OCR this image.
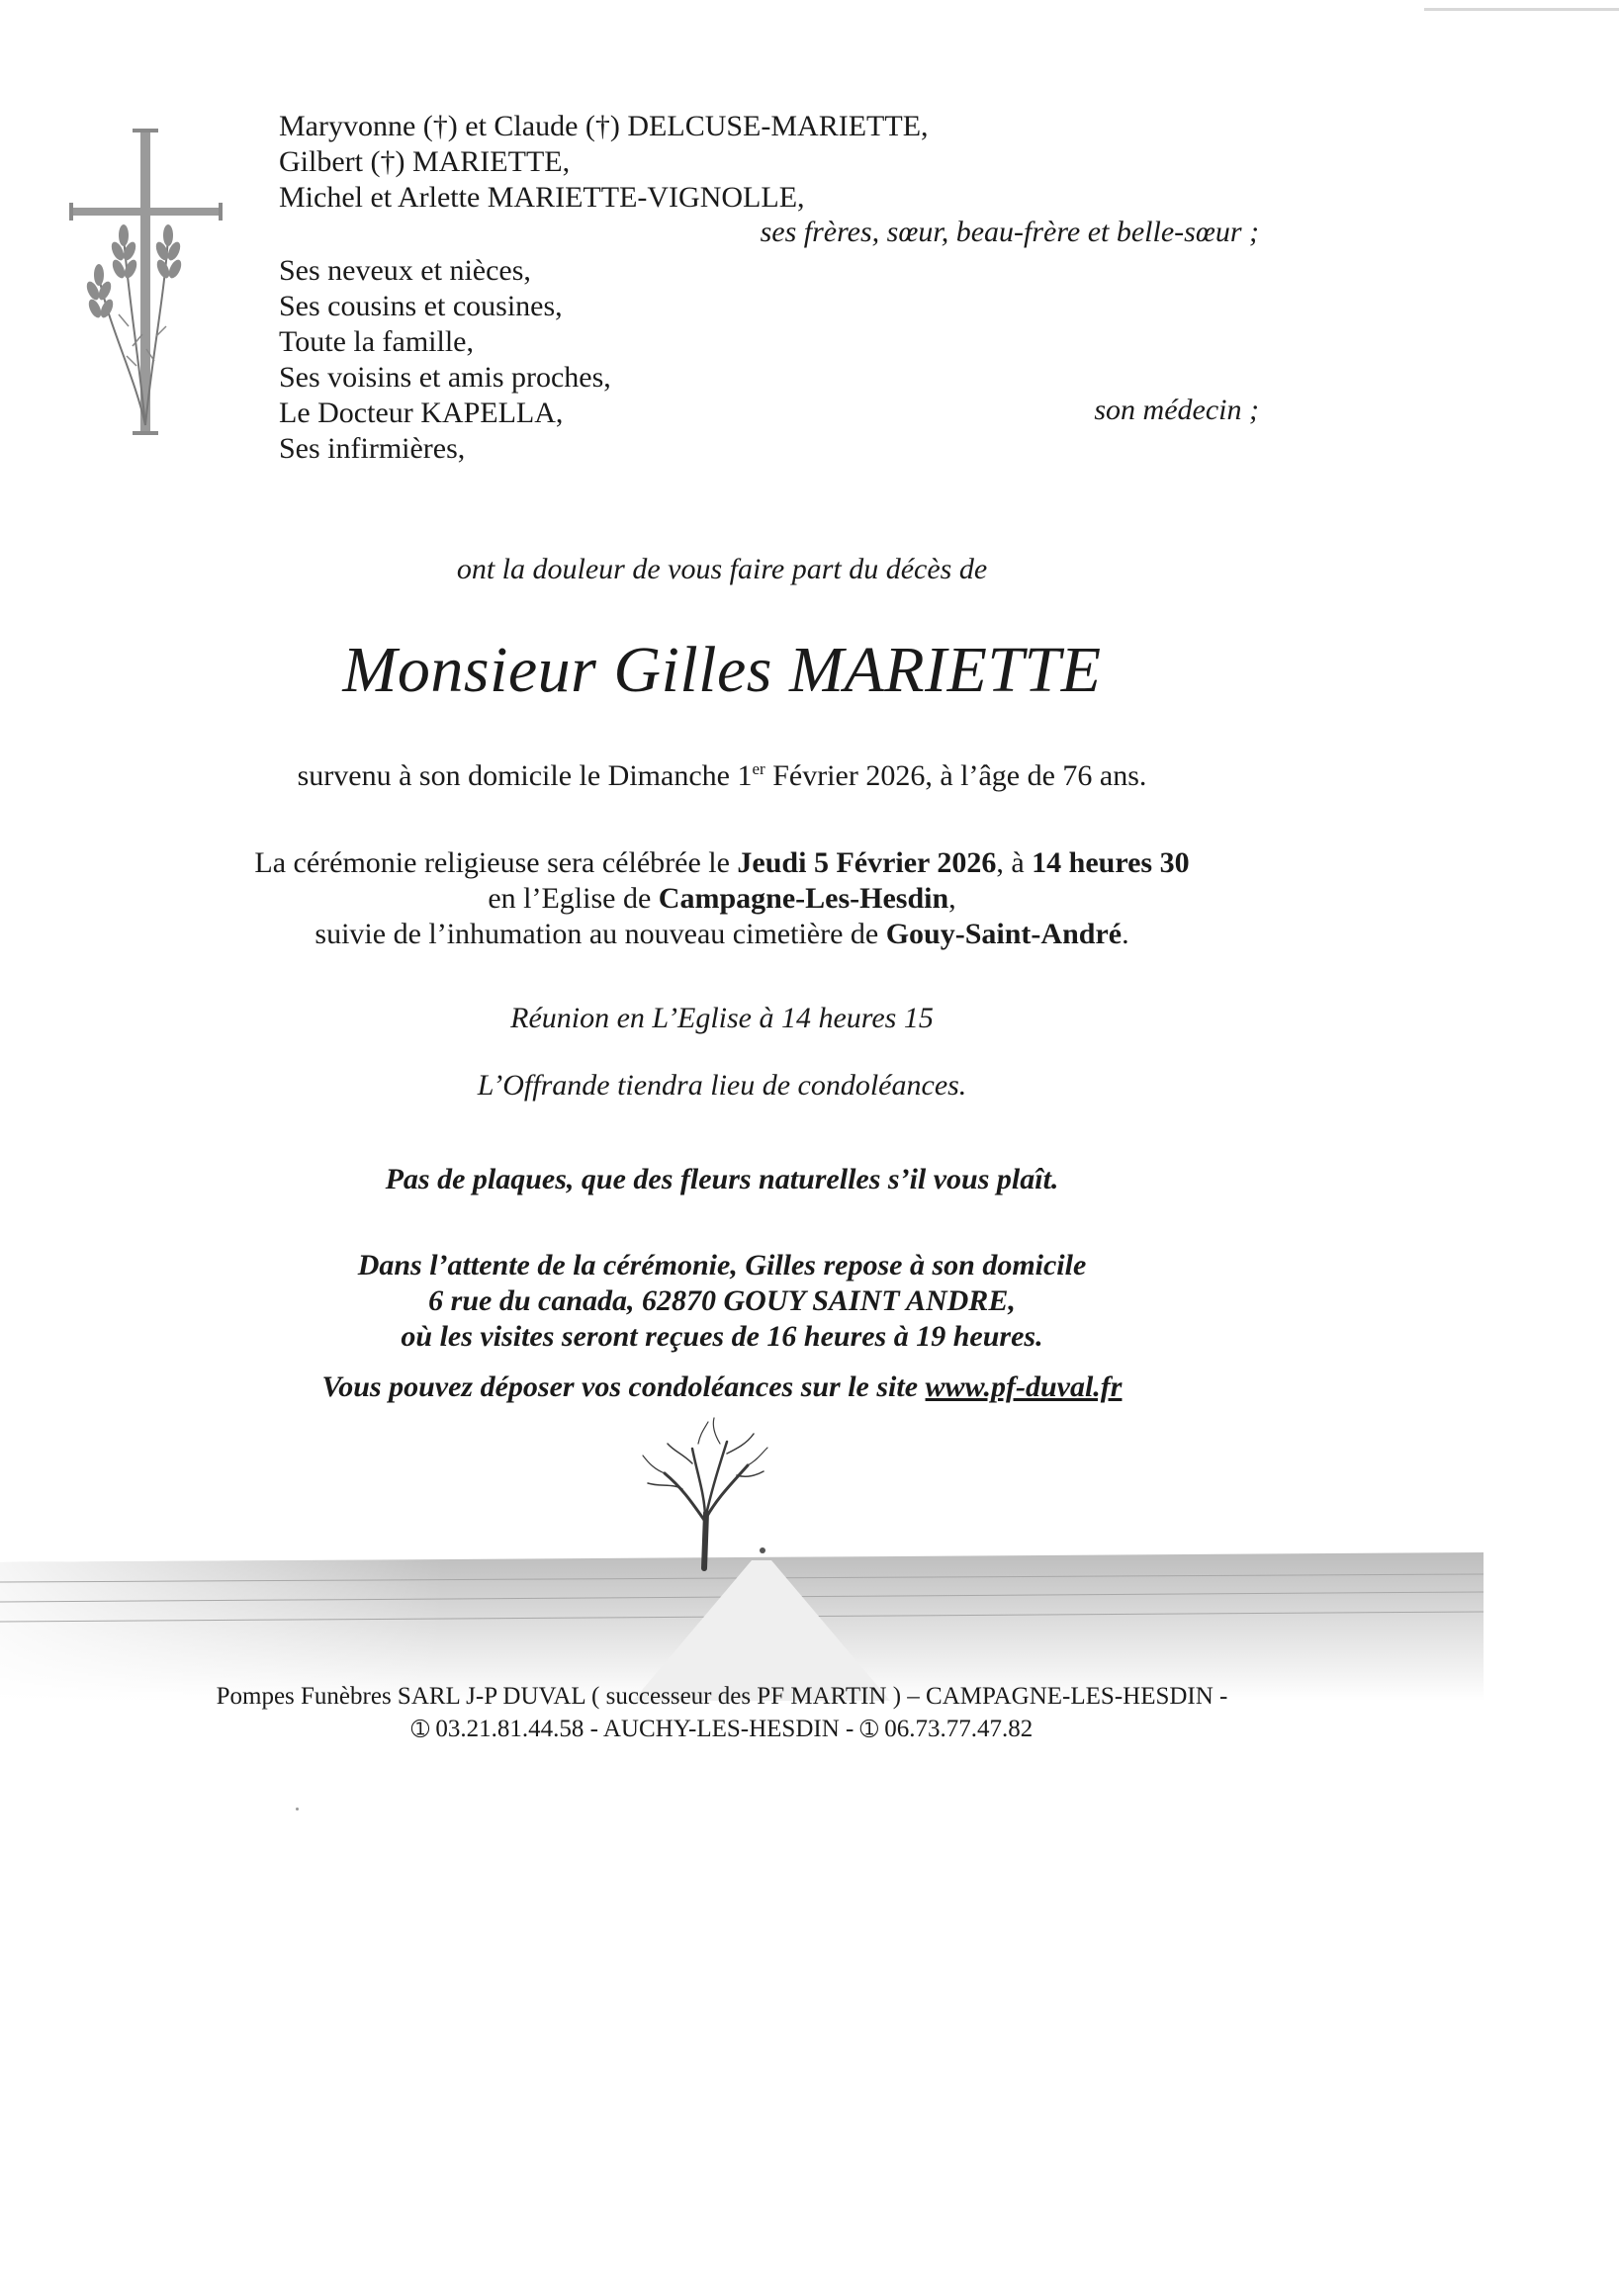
Maryvonne (†) et Claude (†) DELCUSE-MARIETTE,
Gilbert (†) MARIETTE,
Michel et Arlette MARIETTE-VIGNOLLE,
ses frères, sœur, beau-frère et belle-sœur ;
Ses neveux et nièces,
Ses cousins et cousines,
Toute la famille,
Ses voisins et amis proches,
Le Docteur KAPELLA,	son médecin ;
Ses infirmières,
ont la douleur de vous faire part du décès de
Monsieur Gilles MARIETTE
survenu à son domicile le Dimanche 1er Février 2026, à l’âge de 76 ans.
La cérémonie religieuse sera célébrée le Jeudi 5 Février 2026, à 14 heures 30
en l’Eglise de Campagne-Les-Hesdin,
suivie de l’inhumation au nouveau cimetière de Gouy-Saint-André.
Réunion en L’Eglise à 14 heures 15
L’Offrande tiendra lieu de condoléances.
Pas de plaques, que des fleurs naturelles s’il vous plaît.
Dans l’attente de la cérémonie, Gilles repose à son domicile
6 rue du canada, 62870 GOUY SAINT ANDRE,
où les visites seront reçues de 16 heures à 19 heures.
Vous pouvez déposer vos condoléances sur le site www.pf-duval.fr
Pompes Funèbres SARL J-P DUVAL ( successeur des PF MARTIN ) – CAMPAGNE-LES-HESDIN -
➀ 03.21.81.44.58 - AUCHY-LES-HESDIN - ➀ 06.73.77.47.82
